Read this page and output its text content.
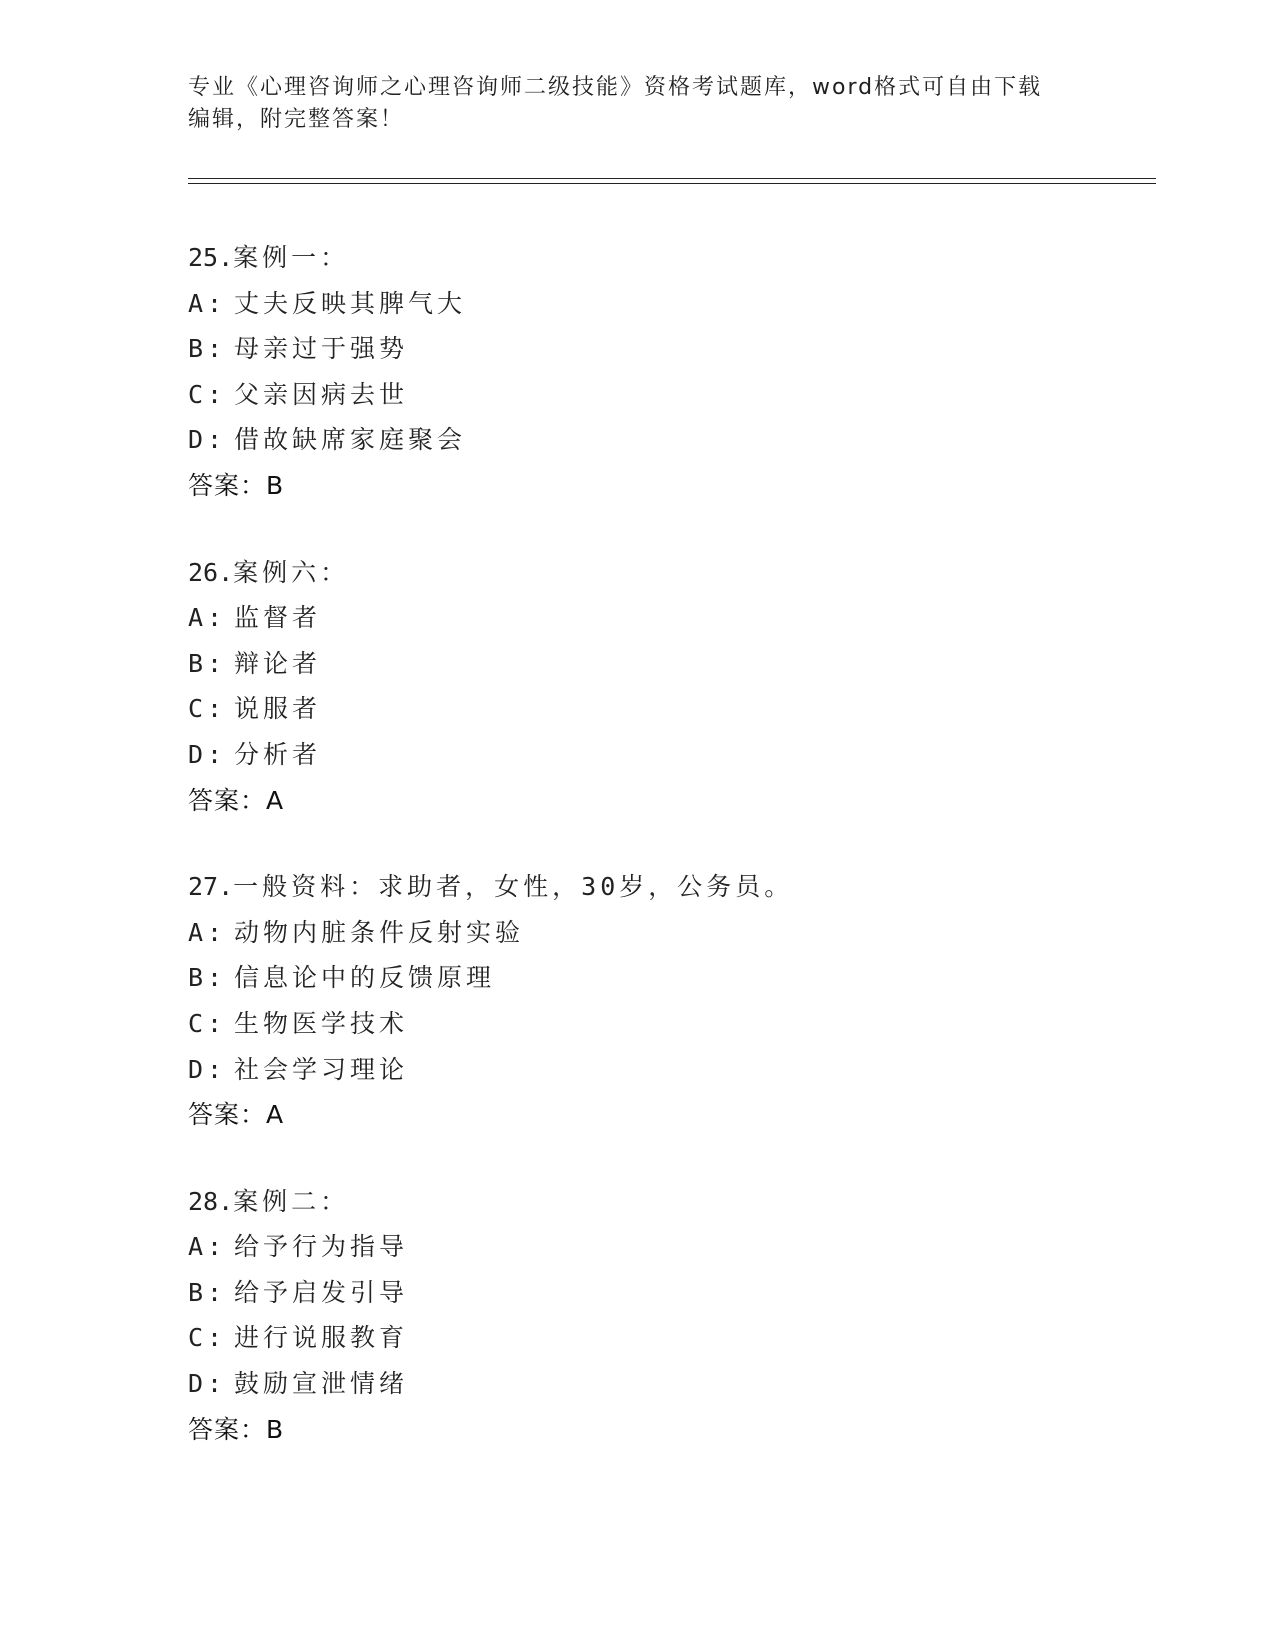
专业《心理咨询师之心理咨询师二级技能》资格考试题库，word格式可自由下载
编辑，附完整答案！
25.案例一：
A: 丈夫反映其脾气大
B: 母亲过于强势
C: 父亲因病去世
D: 借故缺席家庭聚会
答案：B
26.案例六：
A: 监督者
B: 辩论者
C: 说服者
D: 分析者
答案：A
27.一般资料：求助者，女性，30岁，公务员。
A: 动物内脏条件反射实验
B: 信息论中的反馈原理
C: 生物医学技术
D: 社会学习理论
答案：A
28.案例二：
A: 给予行为指导
B: 给予启发引导
C: 进行说服教育
D: 鼓励宣泄情绪
答案：B
